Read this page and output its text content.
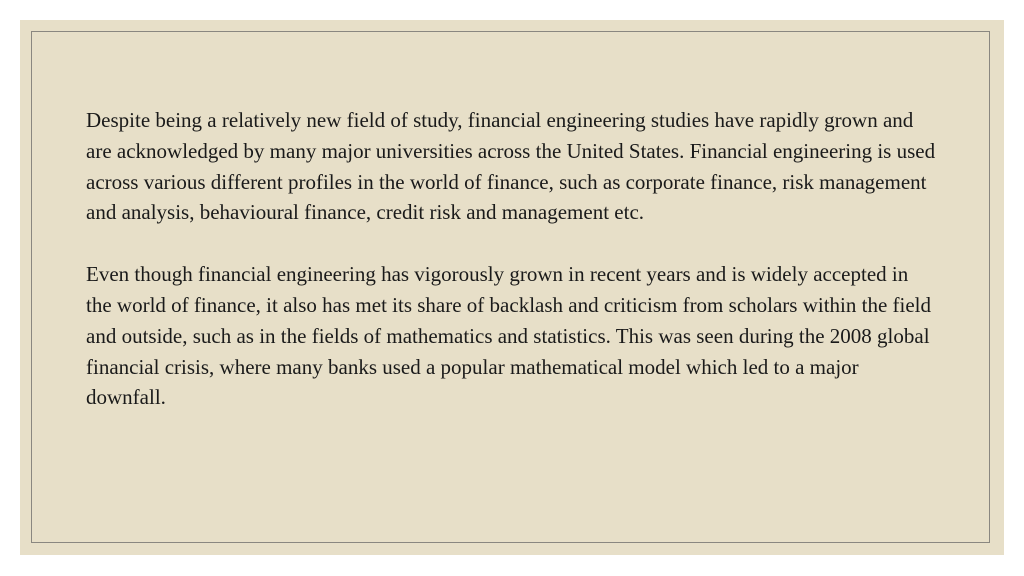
Despite being a relatively new field of study, financial engineering studies have rapidly grown and are acknowledged by many major universities across the United States. Financial engineering is used across various different profiles in the world of finance, such as corporate finance, risk management and analysis, behavioural finance, credit risk and management etc.

Even though financial engineering has vigorously grown in recent years and is widely accepted in the world of finance, it also has met its share of backlash and criticism from scholars within the field and outside, such as in the fields of mathematics and statistics. This was seen during the 2008 global financial crisis, where many banks used a popular mathematical model which led to a major downfall.
